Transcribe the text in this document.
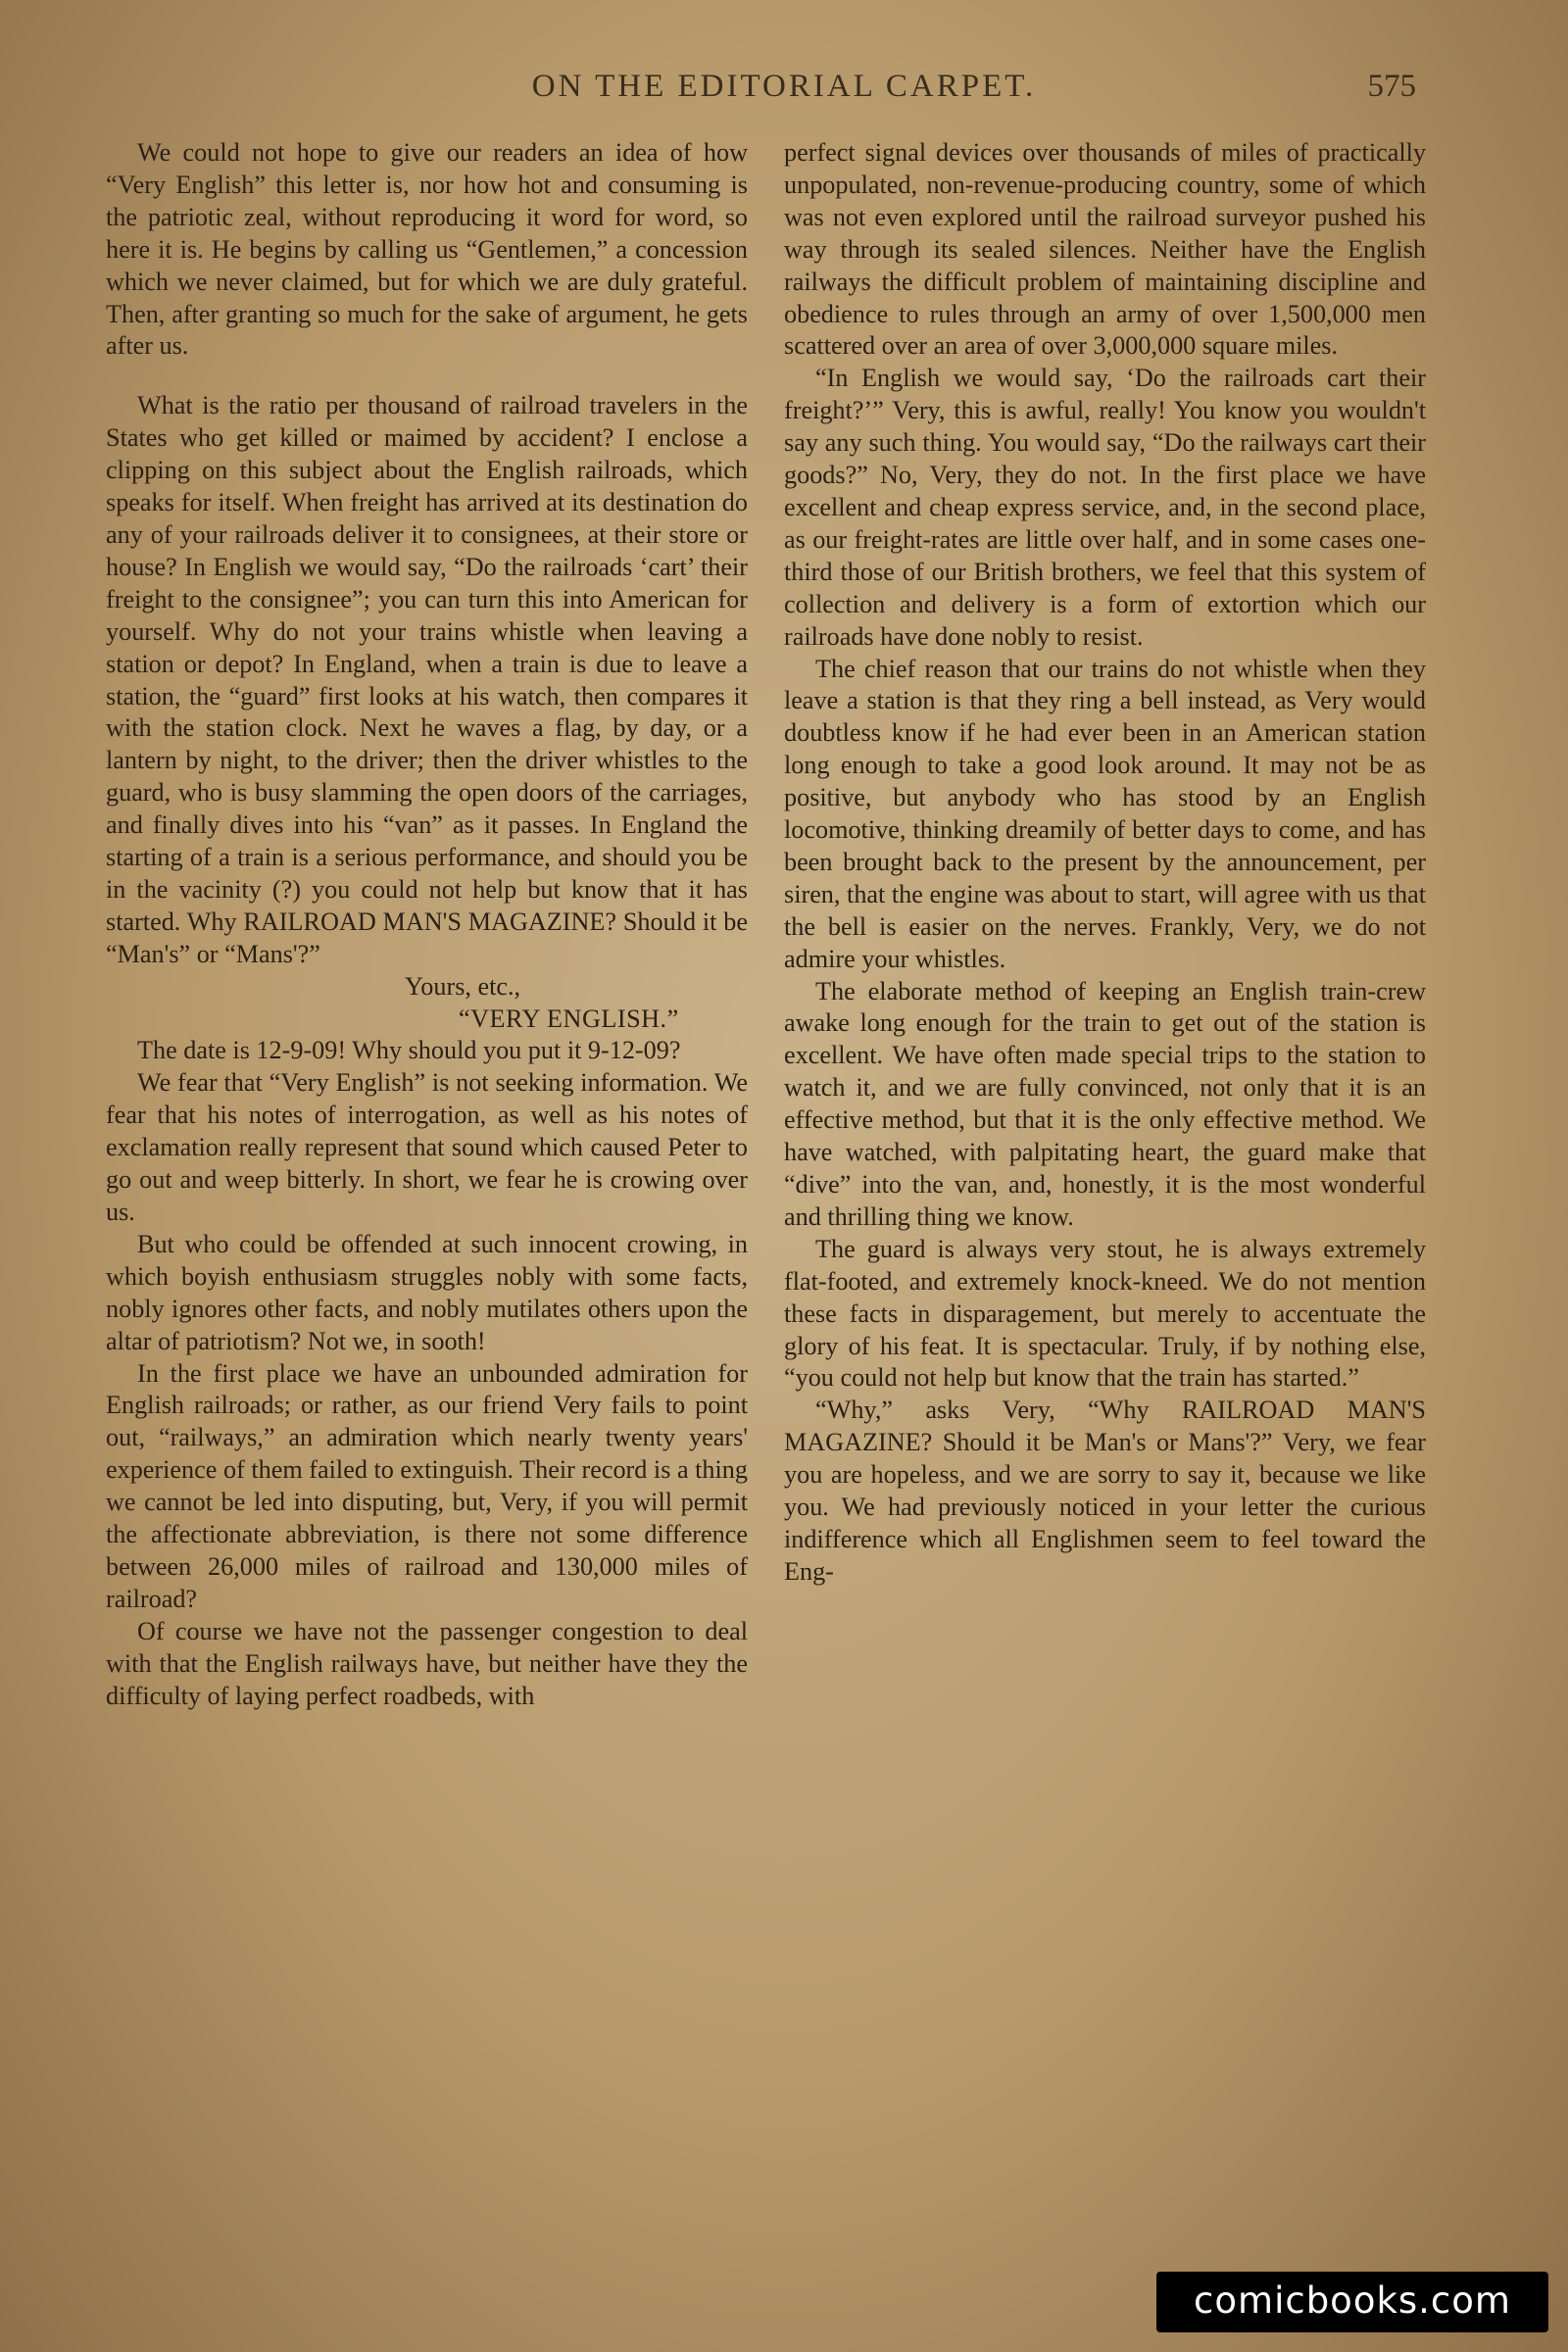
ON THE EDITORIAL CARPET.	575

We could not hope to give our readers an idea of how “Very English” this letter is, nor how hot and consuming is the patriotic zeal, without reproducing it word for word, so here it is. He begins by calling us “Gentlemen,” a concession which we never claimed, but for which we are duly grateful. Then, after granting so much for the sake of argument, he gets after us.

What is the ratio per thousand of railroad travelers in the States who get killed or maimed by accident? I enclose a clipping on this subject about the English railroads, which speaks for itself. When freight has arrived at its destination do any of your railroads deliver it to consignees, at their store or house? In English we would say, “Do the railroads ‘cart’ their freight to the consignee”; you can turn this into American for yourself. Why do not your trains whistle when leaving a station or depot? In England, when a train is due to leave a station, the “guard” first looks at his watch, then compares it with the station clock. Next he waves a flag, by day, or a lantern by night, to the driver; then the driver whistles to the guard, who is busy slamming the open doors of the carriages, and finally dives into his “van” as it passes. In England the starting of a train is a serious performance, and should you be in the vacinity (?) you could not help but know that it has started. Why RAILROAD MAN'S MAGAZINE? Should it be “Man's” or “Mans'?”

Yours, etc.,

“VERY ENGLISH.”

The date is 12-9-09! Why should you put it 9-12-09?

We fear that “Very English” is not seeking information. We fear that his notes of interrogation, as well as his notes of exclamation really represent that sound which caused Peter to go out and weep bitterly. In short, we fear he is crowing over us.

But who could be offended at such innocent crowing, in which boyish enthusiasm struggles nobly with some facts, nobly ignores other facts, and nobly mutilates others upon the altar of patriotism? Not we, in sooth!

In the first place we have an unbounded admiration for English railroads; or rather, as our friend Very fails to point out, “railways,” an admiration which nearly twenty years' experience of them failed to extinguish. Their record is a thing we cannot be led into disputing, but, Very, if you will permit the affectionate abbreviation, is there not some difference between 26,000 miles of railroad and 130,000 miles of railroad?

Of course we have not the passenger congestion to deal with that the English railways have, but neither have they the difficulty of laying perfect roadbeds, with

perfect signal devices over thousands of miles of practically unpopulated, non-revenue-producing country, some of which was not even explored until the railroad surveyor pushed his way through its sealed silences. Neither have the English railways the difficult problem of maintaining discipline and obedience to rules through an army of over 1,500,000 men scattered over an area of over 3,000,000 square miles.

“In English we would say, ‘Do the railroads cart their freight?’” Very, this is awful, really! You know you wouldn't say any such thing. You would say, “Do the railways cart their goods?” No, Very, they do not. In the first place we have excellent and cheap express service, and, in the second place, as our freight-rates are little over half, and in some cases one-third those of our British brothers, we feel that this system of collection and delivery is a form of extortion which our railroads have done nobly to resist.

The chief reason that our trains do not whistle when they leave a station is that they ring a bell instead, as Very would doubtless know if he had ever been in an American station long enough to take a good look around. It may not be as positive, but anybody who has stood by an English locomotive, thinking dreamily of better days to come, and has been brought back to the present by the announcement, per siren, that the engine was about to start, will agree with us that the bell is easier on the nerves. Frankly, Very, we do not admire your whistles.

The elaborate method of keeping an English train-crew awake long enough for the train to get out of the station is excellent. We have often made special trips to the station to watch it, and we are fully convinced, not only that it is an effective method, but that it is the only effective method. We have watched, with palpitating heart, the guard make that “dive” into the van, and, honestly, it is the most wonderful and thrilling thing we know.

The guard is always very stout, he is always extremely flat-footed, and extremely knock-kneed. We do not mention these facts in disparagement, but merely to accentuate the glory of his feat. It is spectacular. Truly, if by nothing else, “you could not help but know that the train has started.”

“Why,” asks Very, “Why RAILROAD MAN'S MAGAZINE? Should it be Man's or Mans'?” Very, we fear you are hopeless, and we are sorry to say it, because we like you. We had previously noticed in your letter the curious indifference which all Englishmen seem to feel toward the Eng-

comicbooks.com
